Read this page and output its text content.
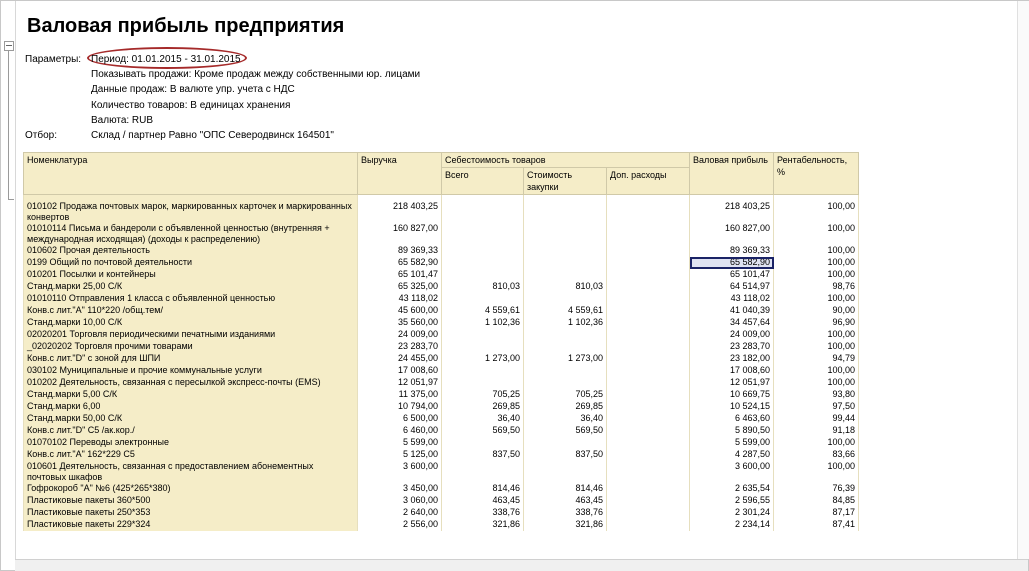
Валовая прибыль предприятия
Параметры: Период: 01.01.2015 - 31.01.2015
Показывать продажи: Кроме продаж между собственными юр. лицами
Данные продаж: В валюте упр. учета с НДС
Количество товаров: В единицах хранения
Валюта: RUB
Отбор:	Склад / партнер Равно "ОПС Северодвинск 164501"
Номенклатура	Выручка	Себестоимость товаров			Валовая прибыль	Рентабельность, %
		Всего	Стоимость закупки	Доп. расходы		

010102 Продажа почтовых марок, маркированных карточек и маркированных конвертов	218 403,25				218 403,25	100,00
01010114 Письма и бандероли с объявленной ценностью (внутренняя + международная исходящая) (доходы к распределению)	160 827,00				160 827,00	100,00
010602 Прочая деятельность	89 369,33				89 369,33	100,00
0199 Общий по почтовой деятельности	65 582,90				65 582,90	100,00
010201 Посылки и контейнеры	65 101,47				65 101,47	100,00
Станд.марки 25,00 С/К	65 325,00	810,03	810,03		64 514,97	98,76
01010110 Отправления 1 класса с объявленной ценностью	43 118,02				43 118,02	100,00
Конв.с лит."А" 110*220 /общ.тем/	45 600,00	4 559,61	4 559,61		41 040,39	90,00
Станд.марки 10,00 С/К	35 560,00	1 102,36	1 102,36		34 457,64	96,90
02020201 Торговля периодическими печатными изданиями	24 009,00				24 009,00	100,00
_02020202 Торговля прочими товарами	23 283,70				23 283,70	100,00
Конв.с лит."D" с зоной для ШПИ	24 455,00	1 273,00	1 273,00		23 182,00	94,79
030102 Муниципальные и прочие коммунальные услуги	17 008,60				17 008,60	100,00
010202 Деятельность, связанная с пересылкой экспресс-почты (EMS)	12 051,97				12 051,97	100,00
Станд.марки 5,00 С/К	11 375,00	705,25	705,25		10 669,75	93,80
Станд.марки 6,00	10 794,00	269,85	269,85		10 524,15	97,50
Станд.марки 50,00 С/К	6 500,00	36,40	36,40		6 463,60	99,44
Конв.с лит."D" С5 /ак.кор./	6 460,00	569,50	569,50		5 890,50	91,18
01070102 Переводы электронные	5 599,00				5 599,00	100,00
Конв.с лит."А" 162*229 С5	5 125,00	837,50	837,50		4 287,50	83,66
010601 Деятельность, связанная с предоставлением абонементных почтовых шкафов	3 600,00				3 600,00	100,00
Гофрокороб "А" №6 (425*265*380)	3 450,00	814,46	814,46		2 635,54	76,39
Пластиковые пакеты 360*500	3 060,00	463,45	463,45		2 596,55	84,85
Пластиковые пакеты 250*353	2 640,00	338,76	338,76		2 301,24	87,17
Пластиковые пакеты 229*324	2 556,00	321,86	321,86		2 234,14	87,41
